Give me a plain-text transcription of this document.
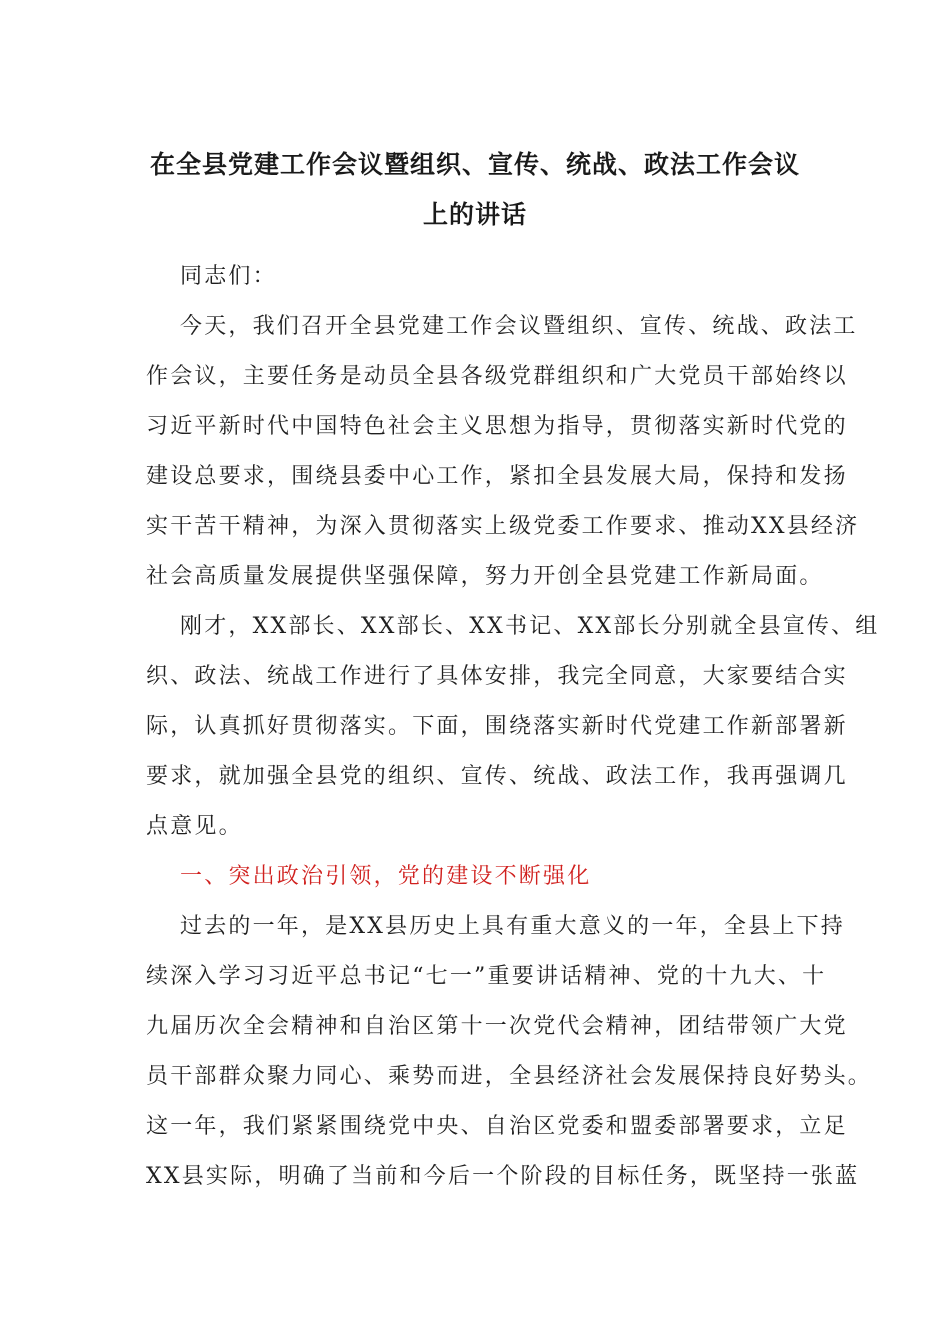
在全县党建工作会议暨组织、宣传、统战、政法工作会议
上的讲话
同志们：
今天，我们召开全县党建工作会议暨组织、宣传、统战、政法工
作会议，主要任务是动员全县各级党群组织和广大党员干部始终以
习近平新时代中国特色社会主义思想为指导，贯彻落实新时代党的
建设总要求，围绕县委中心工作，紧扣全县发展大局，保持和发扬
实干苦干精神，为深入贯彻落实上级党委工作要求、推动XX县经济
社会高质量发展提供坚强保障，努力开创全县党建工作新局面。
刚才，XX部长、XX部长、XX书记、XX部长分别就全县宣传、组
织、政法、统战工作进行了具体安排，我完全同意，大家要结合实
际，认真抓好贯彻落实。下面，围绕落实新时代党建工作新部署新
要求，就加强全县党的组织、宣传、统战、政法工作，我再强调几
点意见。
一、突出政治引领，党的建设不断强化
过去的一年，是XX县历史上具有重大意义的一年，全县上下持
续深入学习习近平总书记“七一”重要讲话精神、党的十九大、十
九届历次全会精神和自治区第十一次党代会精神，团结带领广大党
员干部群众聚力同心、乘势而进，全县经济社会发展保持良好势头。
这一年，我们紧紧围绕党中央、自治区党委和盟委部署要求，立足
XX县实际，明确了当前和今后一个阶段的目标任务，既坚持一张蓝
